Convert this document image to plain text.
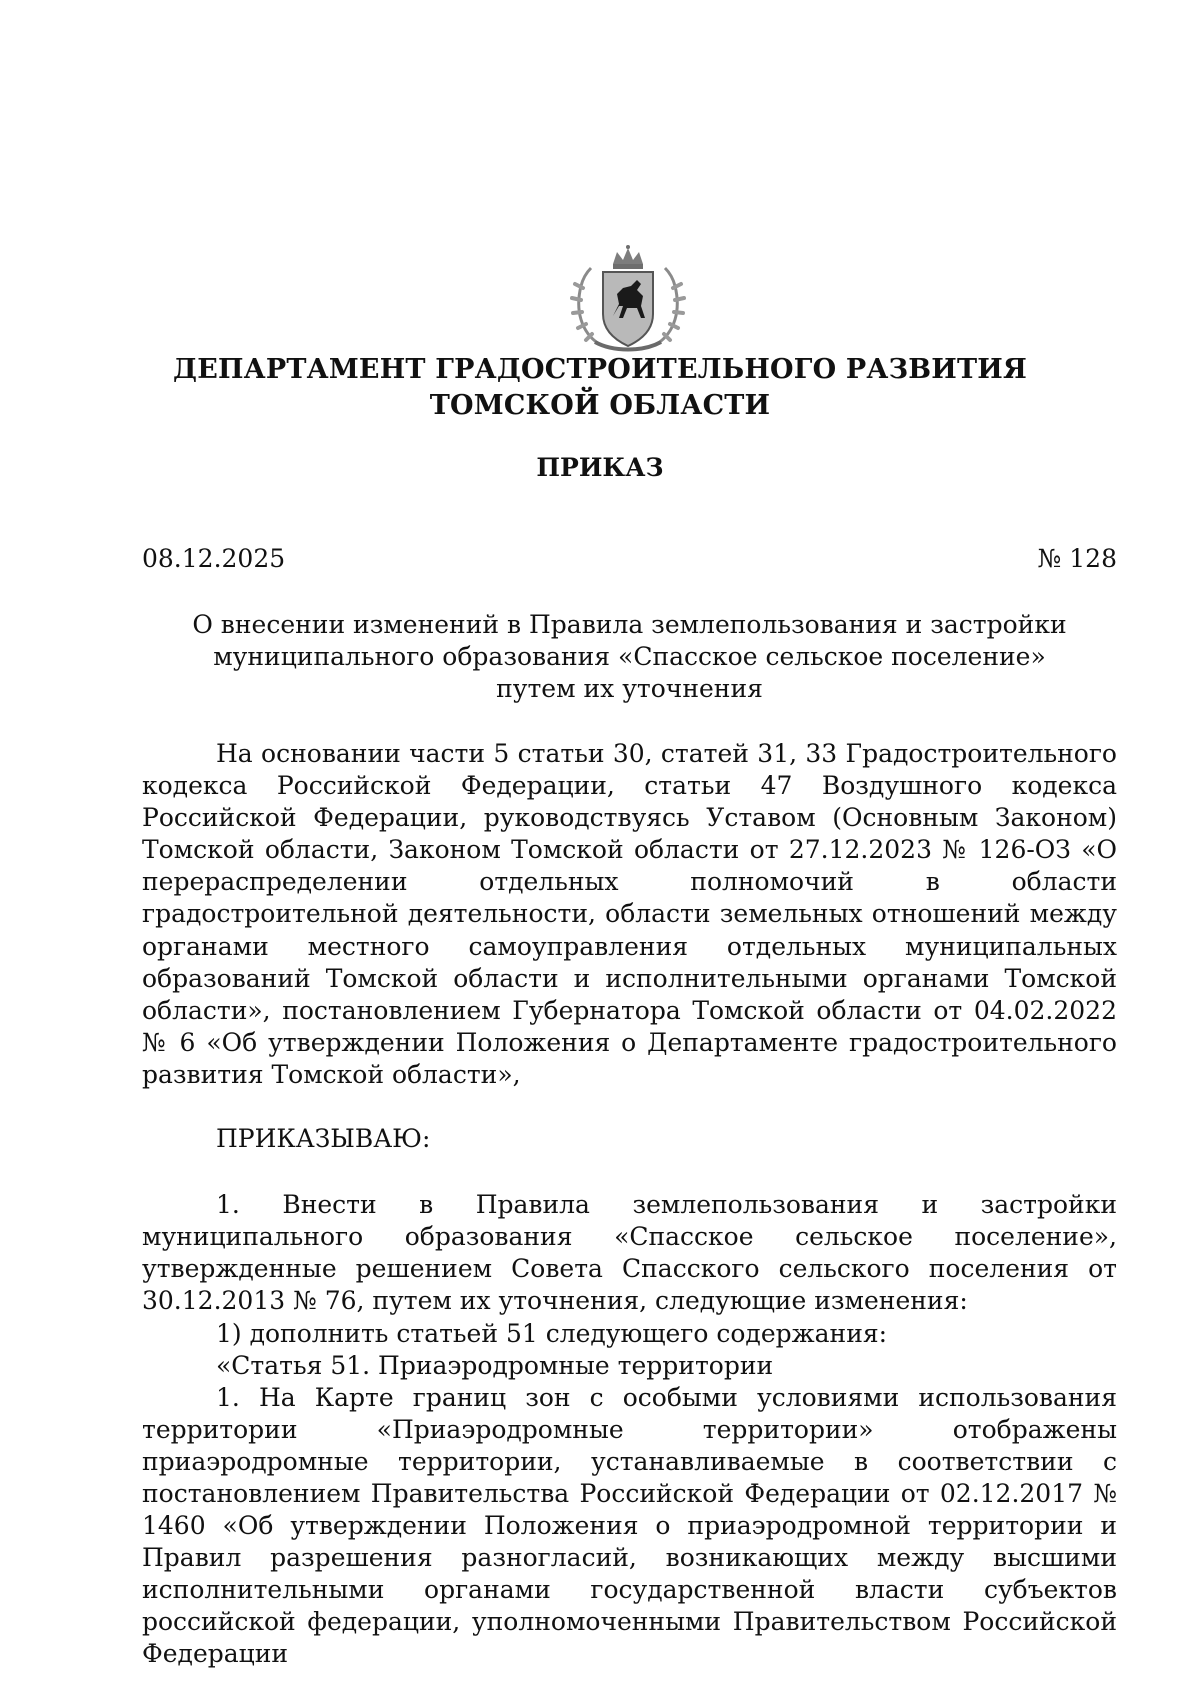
ДЕПАРТАМЕНТ ГРАДОСТРОИТЕЛЬНОГО РАЗВИТИЯ
ТОМСКОЙ ОБЛАСТИ
ПРИКАЗ
08.12.2025	№ 128
О внесении изменений в Правила землепользования и застройки
муниципального образования «Спасское сельское поселение»
путем их уточнения

На основании части 5 статьи 30, статей 31, 33 Градостроительного кодекса Российской Федерации, статьи 47 Воздушного кодекса Российской Федерации, руководствуясь Уставом (Основным Законом) Томской области, Законом Томской области от 27.12.2023 № 126-ОЗ «О перераспределении отдельных полномочий в области градостроительной деятельности, области земельных отношений между органами местного самоуправления отдельных муниципальных образований Томской области и исполнительными органами Томской области», постановлением Губернатора Томской области от 04.02.2022 № 6 «Об утверждении Положения о Департаменте градостроительного развития Томской области»,

ПРИКАЗЫВАЮ:

1. Внести в Правила землепользования и застройки муниципального образования «Спасское сельское поселение», утвержденные решением Совета Спасского сельского поселения от 30.12.2013 № 76, путем их уточнения, следующие изменения:

1) дополнить статьей 51 следующего содержания:

«Статья 51. Приаэродромные территории

1. На Карте границ зон с особыми условиями использования территории «Приаэродромные территории» отображены приаэродромные территории, устанавливаемые в соответствии с постановлением Правительства Российской Федерации от 02.12.2017 № 1460 «Об утверждении Положения о приаэродромной территории и Правил разрешения разногласий, возникающих между высшими исполнительными органами государственной власти субъектов российской федерации, уполномоченными Правительством Российской Федерации
